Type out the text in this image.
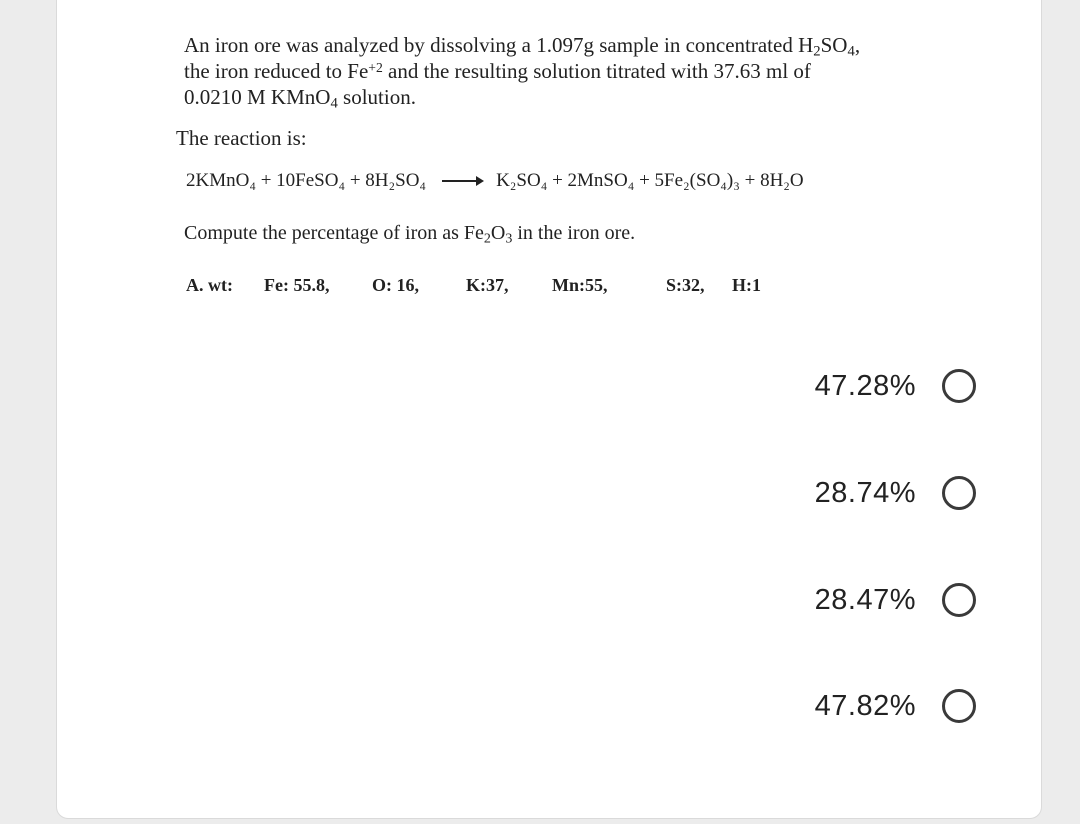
An iron ore was analyzed by dissolving a 1.097g sample in concentrated $H_2SO_4$,
the iron reduced to $Fe^{+2}$ and the resulting solution titrated with 37.63 ml of
0.0210 M KMnO$_4$ solution.
The reaction is:
2KMnO₄ + 10FeSO₄ + 8H₂SO₄ → K₂SO₄ + 2MnSO₄ + 5Fe₂(SO₄)₃ + 8H₂O
Compute the percentage of iron as $Fe_2O_3$ in the iron ore.
A. wt: Fe: 55.8, O: 16,	K:37, Mn:55,	S:32, H:1
47.28%
28.74%
28.47%
47.82%
